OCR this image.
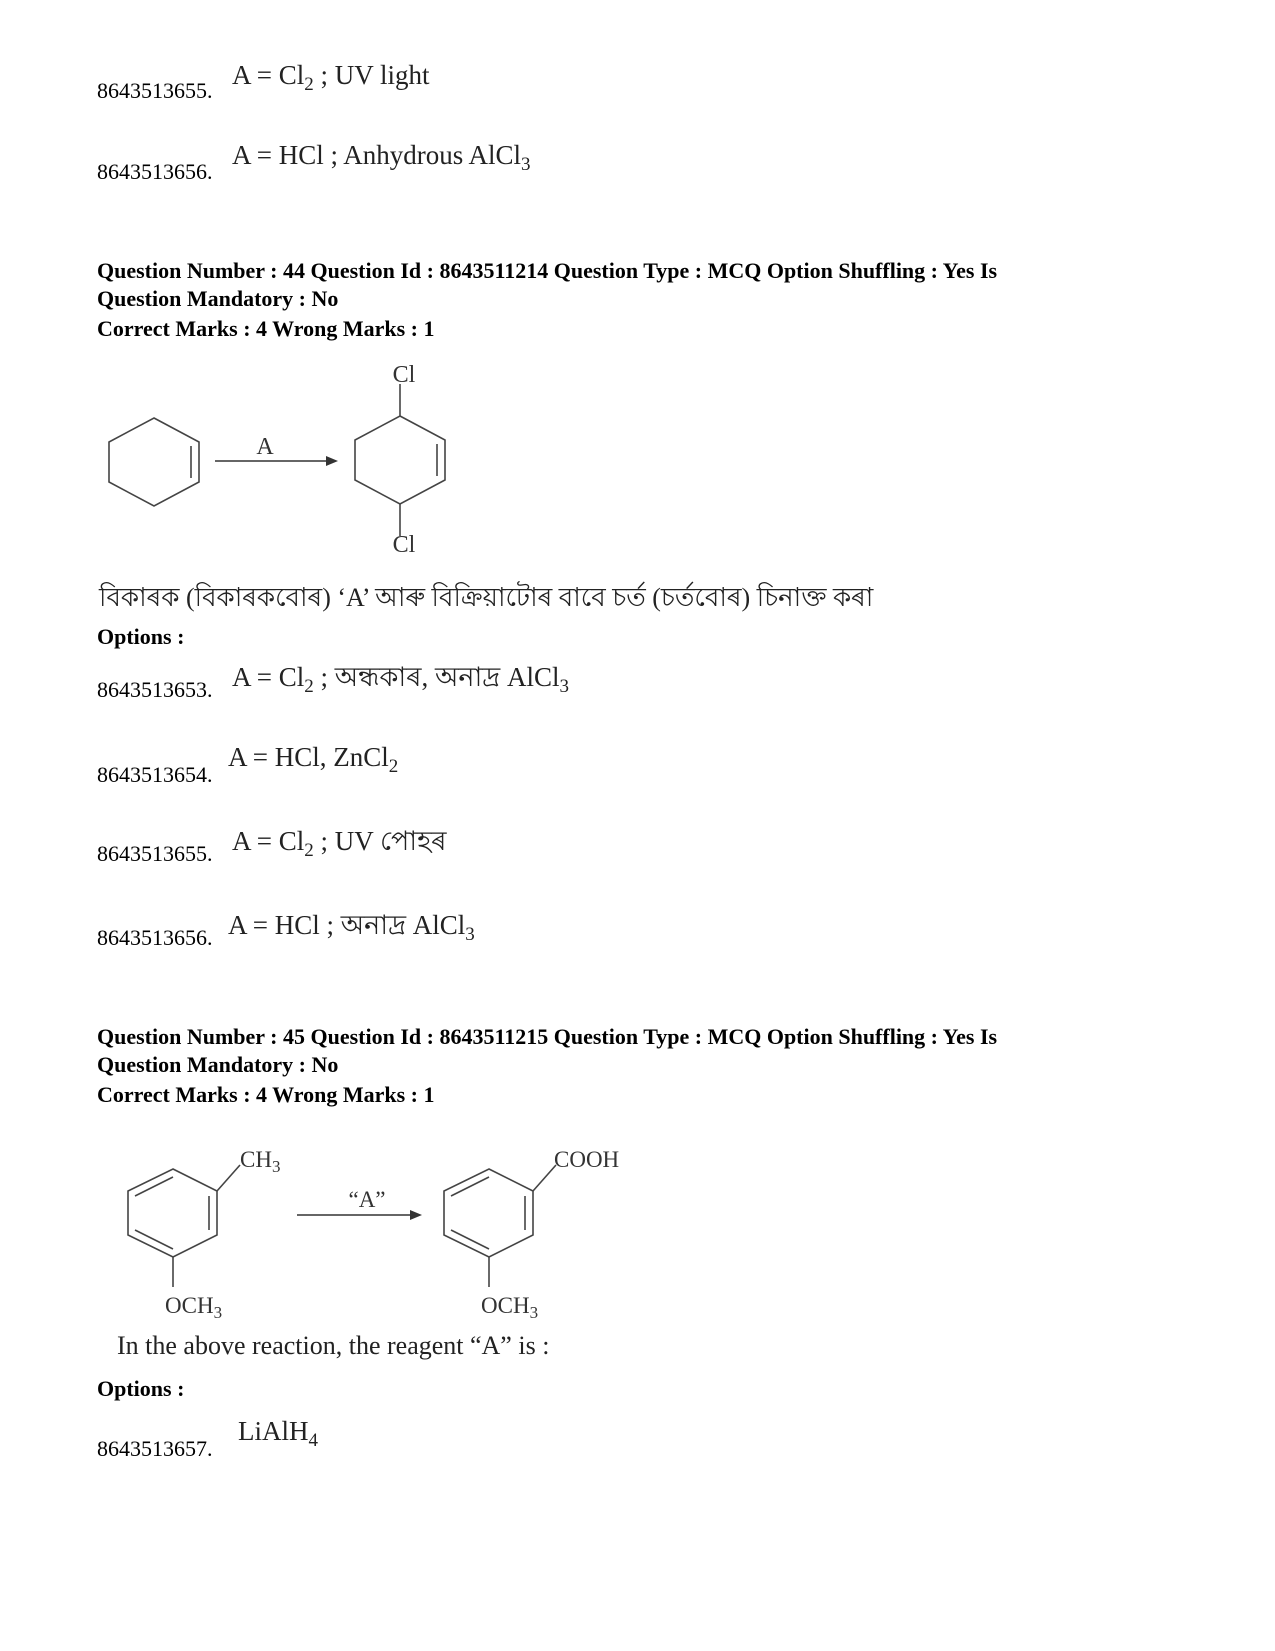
8643513655.
$A = Cl_2$ ; UV light
8643513656.
A = HCl ; Anhydrous AlCl$_3$
Question Number : 44 Question Id : 8643511214 Question Type : MCQ Option Shuffling : Yes Is
Question Mandatory : No
Correct Marks : 4 Wrong Marks : 1
A
Cl
Cl
বিকাৰক (বিকাৰকবোৰ) ‘A’ আৰু বিক্ৰিয়াটোৰ বাবে চৰ্ত (চৰ্তবোৰ) চিনাক্ত কৰা
Options :
8643513653. $A = Cl_2$ ; অন্ধকাৰ, অনাদ্ৰ AlCl$_3$
8643513654.
A = HCl, ZnCl$_2$
8643513655. $A = Cl_2$ ; UV পোহৰ
8643513656. A = HCl ; অনাদ্ৰ AlCl$_3$
Question Number : 45 Question Id : 8643511215 Question Type : MCQ Option Shuffling : Yes Is
Question Mandatory : No
Correct Marks : 4 Wrong Marks : 1
$CH_3$
$OCH_3$
“A”
COOH
$OCH_3$
In the above reaction, the reagent “A” is :
Options :
8643513657.
LiAlH$_4$
